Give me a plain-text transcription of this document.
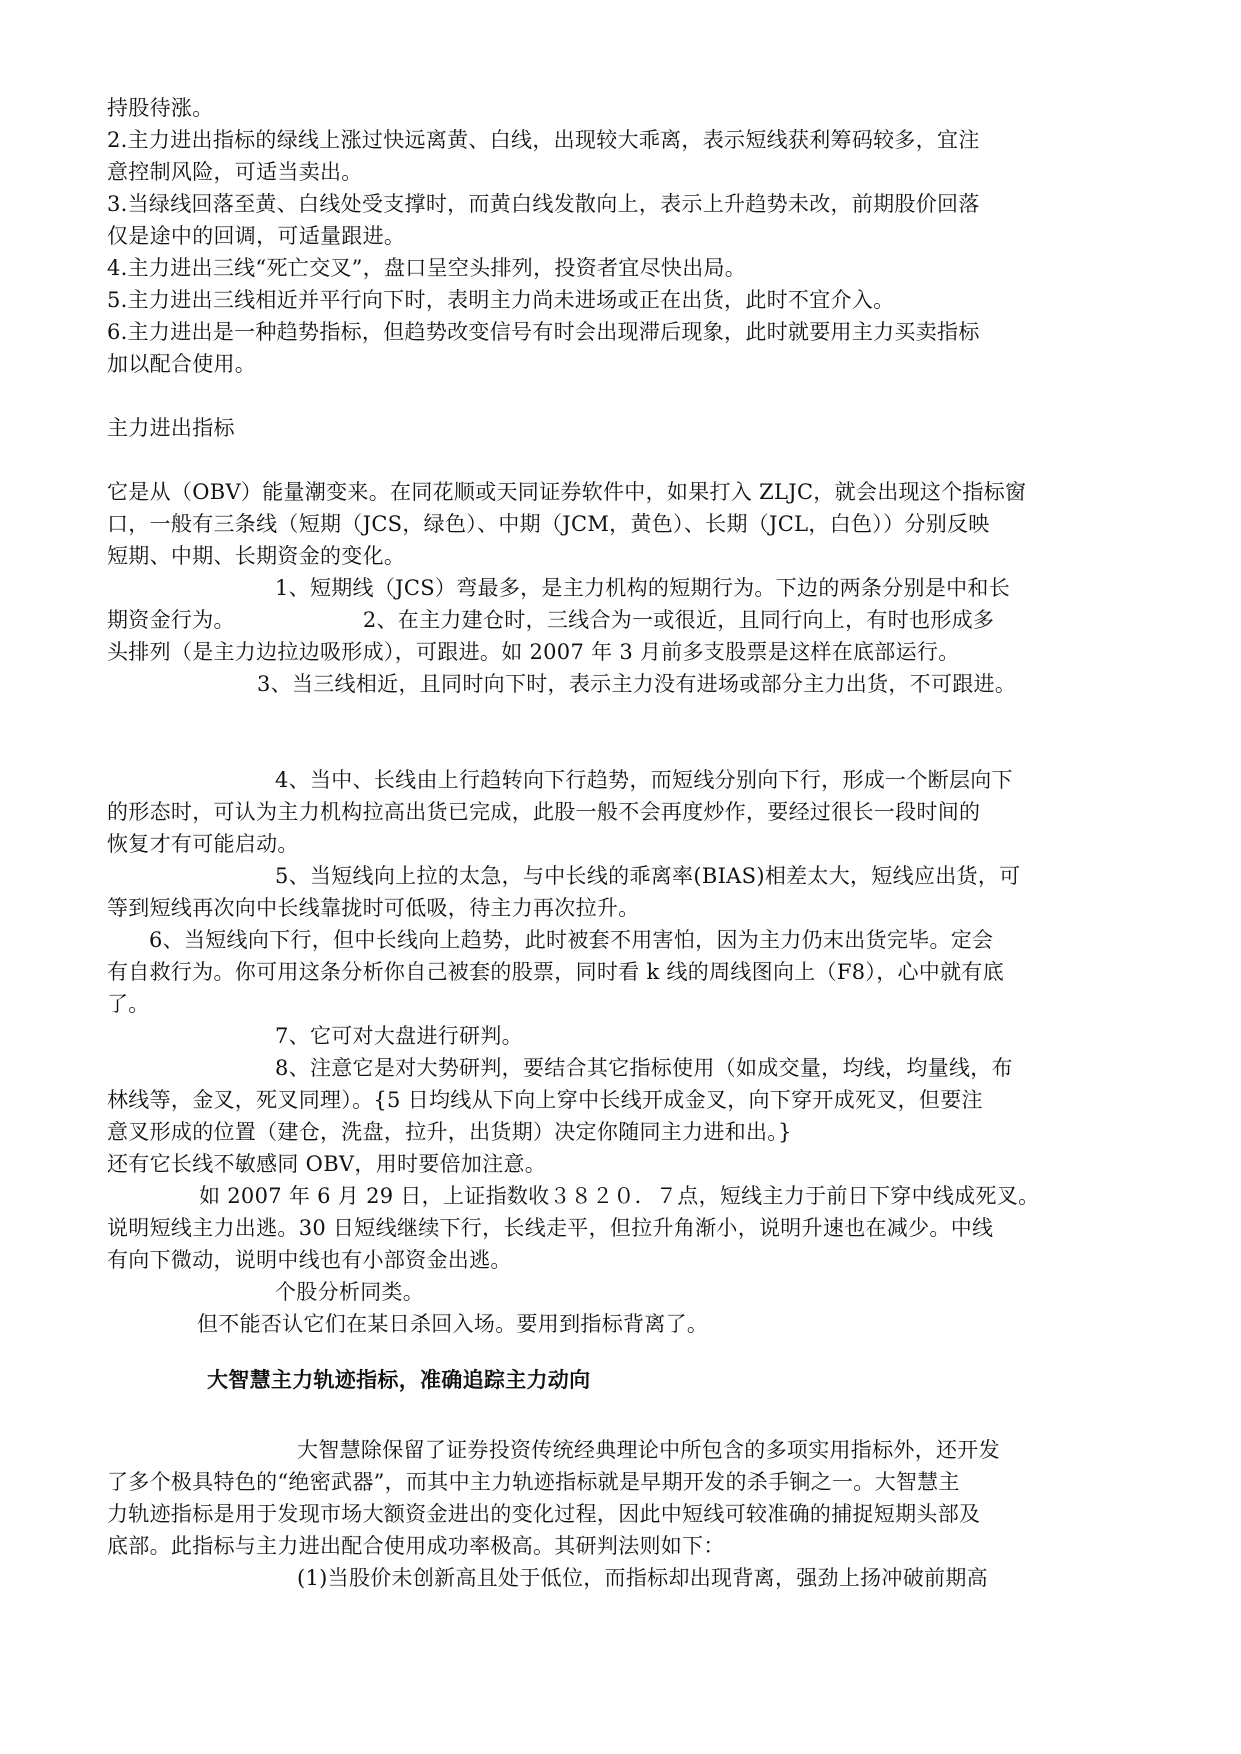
持股待涨。
2.主力进出指标的绿线上涨过快远离黄、白线，出现较大乖离，表示短线获利筹码较多，宜注
意控制风险，可适当卖出。
3.当绿线回落至黄、白线处受支撑时，而黄白线发散向上，表示上升趋势未改，前期股价回落
仅是途中的回调，可适量跟进。
4.主力进出三线“死亡交叉”，盘口呈空头排列，投资者宜尽快出局。
5.主力进出三线相近并平行向下时，表明主力尚未进场或正在出货，此时不宜介入。
6.主力进出是一种趋势指标，但趋势改变信号有时会出现滞后现象，此时就要用主力买卖指标
加以配合使用。
主力进出指标
它是从（OBV）能量潮变来。在同花顺或天同证券软件中，如果打入 ZLJC，就会出现这个指标窗
口，一般有三条线（短期（JCS，绿色）、中期（JCM，黄色）、长期（JCL，白色））分别反映
短期、中期、长期资金的变化。
1、短期线（JCS）弯最多，是主力机构的短期行为。下边的两条分别是中和长
期资金行为。	2、在主力建仓时，三线合为一或很近，且同行向上，有时也形成多
头排列（是主力边拉边吸形成），可跟进。如 2007 年 3 月前多支股票是这样在底部运行。
3、当三线相近，且同时向下时，表示主力没有进场或部分主力出货，不可跟进。
4、当中、长线由上行趋转向下行趋势，而短线分别向下行，形成一个断层向下
的形态时，可认为主力机构拉高出货已完成，此股一般不会再度炒作，要经过很长一段时间的
恢复才有可能启动。
5、当短线向上拉的太急，与中长线的乖离率(BIAS)相差太大，短线应出货，可
等到短线再次向中长线靠拢时可低吸，待主力再次拉升。
6、当短线向下行，但中长线向上趋势，此时被套不用害怕，因为主力仍末出货完毕。定会
有自救行为。你可用这条分析你自己被套的股票，同时看 k 线的周线图向上（F8），心中就有底
了。
7、它可对大盘进行研判。
8、注意它是对大势研判，要结合其它指标使用（如成交量，均线，均量线，布
林线等，金叉，死叉同理）。{5 日均线从下向上穿中长线开成金叉，向下穿开成死叉，但要注
意叉形成的位置（建仓，洗盘，拉升，出货期）决定你随同主力进和出。}
还有它长线不敏感同 OBV，用时要倍加注意。
如 2007 年 6 月 29 日，上证指数收３８２０．７点，短线主力于前日下穿中线成死叉。
说明短线主力出逃。30 日短线继续下行，长线走平，但拉升角渐小，说明升速也在减少。中线
有向下微动，说明中线也有小部资金出逃。
个股分析同类。
但不能否认它们在某日杀回入场。要用到指标背离了。
大智慧主力轨迹指标，准确追踪主力动向
大智慧除保留了证券投资传统经典理论中所包含的多项实用指标外，还开发
了多个极具特色的“绝密武器”，而其中主力轨迹指标就是早期开发的杀手锏之一。大智慧主
力轨迹指标是用于发现市场大额资金进出的变化过程，因此中短线可较准确的捕捉短期头部及
底部。此指标与主力进出配合使用成功率极高。其研判法则如下：
(1)当股价未创新高且处于低位，而指标却出现背离，强劲上扬冲破前期高
